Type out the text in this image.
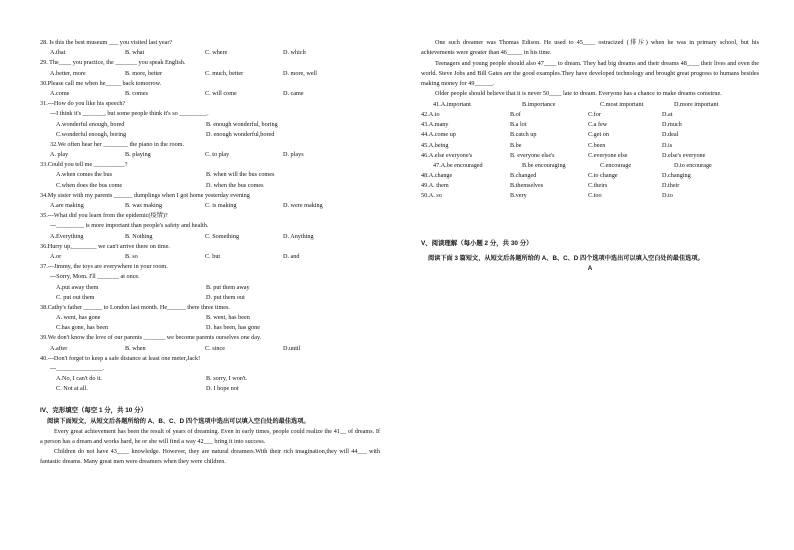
28. Is this the best museum ___ you visited last year?
A.that	B. what	C. where	D. which
29. The____ you practice, the _______ you speak English.
A.better, more	B. more, better	C. much, better	D. more, well
30.Please call me when he_____ back tomorrow.
A.come	B. comes	C. will come	D. came
31.---How do you like his speech?
---I think it's _______, but some people think it's so _________.
A.wonderful enough, bored	B. enough wonderful, boring
C.wonderful enough, boring	D. enough wonderful,bored
32.We often hear her ________ the piano in the room.
A. play	B. playing	C. to play	D. plays
33.Could you tell me __________?
A.when comes the bus	B. when will the bus comes
C.when does the bus come	D. when the bus comes
34.My sister with my parents ______ dumplings when I got home yesterday evening
A.are making	B. was making	C. is making	D. were making
35.---What did you learn from the epidemic(疫情)?
---_________ is more important than people's safety and health.
A.Everything	B. Nothing	C. Something	D. Anything
36.Hurry up,________ we can't arrive there on time.
A.or	B. so	C. but	D. and
37.---Jimmy, the toys are everywhere in your room.
---Sorry, Mom. I'll _______ at once.
A.put away them	B. put them away
C. put out them	D. put them out
38.Cathy's father ______ to London last month. He______ there three times.
A. went, has gone	B. went, has been
C.has gone, has been	D. has been, has gone
39.We don't know the love of our parents _______ we become parents ourselves one day.
A.after	B. when	C. since	D.until
40.---Don't forget to keep a safe distance at least one meter,Jack!
---_______________.
A.No, I can't do it.	B. sorry, I won't.
C. Not at all.	D. I hope not
IV、完形填空（每空 1 分，共 10 分）
阅读下面短文，从短文后各题所给的 A、B、C、D 四个选项中选出可以填入空白处的最佳选项。
Every great achievement has been the result of years of dreaming. Even in early times, people could realize the 41__ of dreams. If a person has a dream and works hard, he or she will find a way 42___ bring it into success.
Children do not have 43____ knowledge. However, they are natural dreamers.With their rich imagination,they will 44___ with fantastic dreams. Many great men were dreamers when they were children.
One such dreamer was Thomas Edison. He used to 45____ ostracized (排斥) when he was in primary school, but his achievements were greater than 46_____ in his time.
Teenagers and young people should also 47____ to dream. They had big dreams and their dreams 48____ their lives and even the world. Steve Jobs and Bill Gates are the good examples.They have developed technology and brought great progress to humans besides making money for 49______.
Older people should believe that it is never 50____ late to dream. Everyone has a chance to make dreams cometrue.
41.A.important	B.importance	C.most important	D.more important
42.A.to	B.of	C.for	D.at
43.A.many	B.a lot	C.a few	D.much
44.A.come up	B.catch up	C.get on	D.deal
45.A.being	B.be	C.been	D.is
46.A.else everyone's	B. everyone else's	C.everyone else	D.else's everyone
47.A.be encouraged	B.be encouraging	C.encourage	D.to encourage
48.A.change	B.changed	C.to change	D.changing
49.A. them	B.themselves	C.theirs	D.their
50.A. so	B.very	C.too	D.to
V、阅读理解（每小题 2 分，共 30 分）
阅读下面 3 篇短文，从短文后各题所给的 A、B、C、D 四个选项中选出可以填入空白处的最佳选项。
A
